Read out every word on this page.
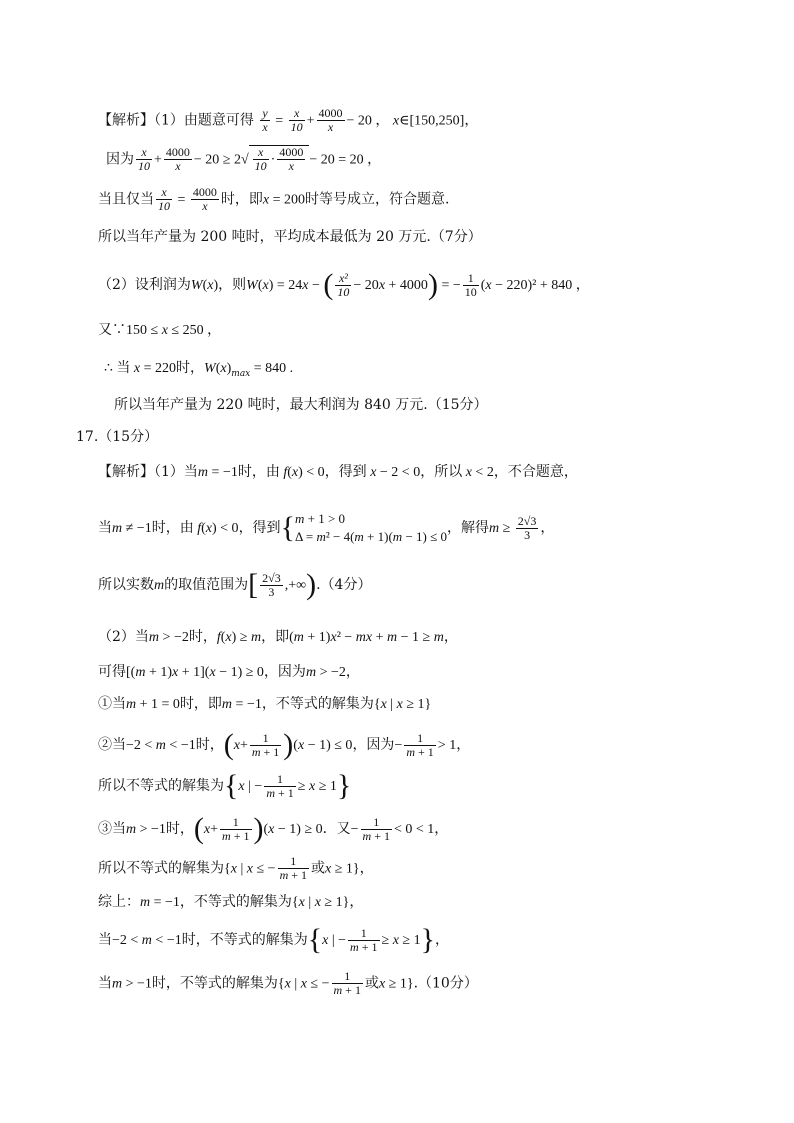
【解析】（1）由题意可得 $\frac{y}{x} = \frac{x}{10} + \frac{4000}{x} - 20$ ， x∈[150,250]，
因为 $\frac{x}{10} + \frac{4000}{x} - 20 \ge 2√ \frac{x}{10} \cdot \frac{4000}{x} - 20 = 20$ ，
当且仅当 $\frac{x}{10} = \frac{4000}{x}$ 时，即x = 200时等号成立，符合题意.
所以当年产量为 200 吨时，平均成本最低为 20 万元.（7分）
（2）设利润为W(x)，则W(x) = 24x − ( $\frac{\text{x²}}{10} - 20x + 4000$) = − $\frac{1}{10} (x - 220)^2 + 840$ ，
又∵150 ≤ x ≤ 250 ，
∴ 当 x = 220时，$W(x)_{max} = 840$ .
所以当年产量为 220 吨时，最大利润为 840 万元.（15分）
17.（15分）
【解析】（1）当m = −1时，由 f(x) < 0，得到 x − 2 < 0，所以 x < 2，不合题意，
当m ≠ −1时，由 f(x) < 0，得到{ m + 1 > 0
Δ = m² − 4(m + 1)(m − 1) ≤ 0
，解得$m \ge \frac{2√3}{3}$ ，
所以实数m的取值范围为[ $\frac{2√3}{3} ,+\infty).(4$分）
（2）当m > −2时，f(x) ≥ m，即(m + 1)x² − mx + m − 1 ≥ m，
可得[(m + 1)x + 1](x − 1) ≥ 0，因为m > −2，
①当m + 1 = 0时，即m = −1，不等式的解集为{x | x ≥ 1}
②当−2 < m < −1时，$(x+ \frac{1}{m + 1} )(x - 1) \le 0$，因为− $\frac{1}{m + 1} > 1$，
所以不等式的解集为{x | − $\frac{1}{m + 1} \ge x \ge 1$}
③当m > −1时，$(x+ \frac{1}{m + 1} )(x - 1) \ge 0$．又− $\frac{1}{m + 1} < 0 < 1$，
所以不等式的解集为{x | x ≤ − $\frac{1}{m + 1}$ 或x ≥ 1}，
综上：m = −1，不等式的解集为{x | x ≥ 1}，
当−2 < m < −1时，不等式的解集为{x | − $\frac{1}{m + 1} \ge x \ge 1$}，
当m > −1时，不等式的解集为{x | x ≤ − $\frac{1}{m + 1}$ 或x ≥ 1}.（10分）
